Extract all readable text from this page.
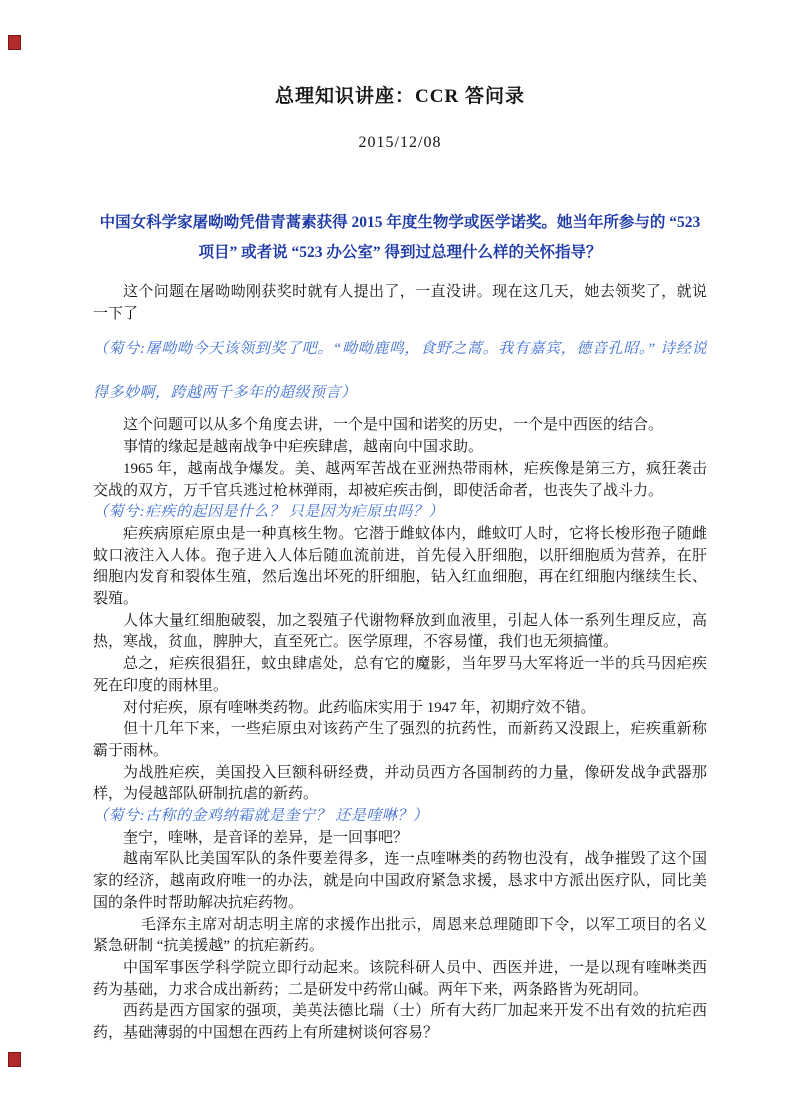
总理知识讲座：CCR 答问录
2015/12/08
中国女科学家屠呦呦凭借青蒿素获得 2015 年度生物学或医学诺奖。她当年所参与的 “523 项目” 或者说 “523 办公室” 得到过总理什么样的关怀指导？

这个问题在屠呦呦刚获奖时就有人提出了，一直没讲。现在这几天，她去领奖了，就说一下了

（菊兮:屠呦呦今天该领到奖了吧。“呦呦鹿鸣，食野之蒿。我有嘉宾，德音孔昭。” 诗经说得多妙啊，跨越两千多年的超级预言）

这个问题可以从多个角度去讲，一个是中国和诺奖的历史，一个是中西医的结合。

事情的缘起是越南战争中疟疾肆虐，越南向中国求助。

1965 年，越南战争爆发。美、越两军苦战在亚洲热带雨林，疟疾像是第三方，疯狂袭击交战的双方，万千官兵逃过枪林弹雨，却被疟疾击倒，即使活命者，也丧失了战斗力。

（菊兮:疟疾的起因是什么？ 只是因为疟原虫吗？）

疟疾病原疟原虫是一种真核生物。它潜于雌蚊体内，雌蚊叮人时，它将长梭形孢子随雌蚊口液注入人体。孢子进入人体后随血流前进，首先侵入肝细胞，以肝细胞质为营养，在肝细胞内发育和裂体生殖，然后逸出坏死的肝细胞，钻入红血细胞，再在红细胞内继续生长、裂殖。

人体大量红细胞破裂，加之裂殖子代谢物释放到血液里，引起人体一系列生理反应，高热，寒战，贫血，脾肿大，直至死亡。医学原理，不容易懂，我们也无须搞懂。

总之，疟疾很猖狂，蚊虫肆虐处，总有它的魔影，当年罗马大军将近一半的兵马因疟疾死在印度的雨林里。

对付疟疾，原有喹啉类药物。此药临床实用于 1947 年，初期疗效不错。

但十几年下来，一些疟原虫对该药产生了强烈的抗药性，而新药又没跟上，疟疾重新称霸于雨林。

为战胜疟疾，美国投入巨额科研经费，并动员西方各国制药的力量，像研发战争武器那样，为侵越部队研制抗虐的新药。

（菊兮:古称的金鸡纳霜就是奎宁？ 还是喹啉？）

奎宁，喹啉，是音译的差异，是一回事吧？

越南军队比美国军队的条件要差得多，连一点喹啉类的药物也没有，战争摧毁了这个国家的经济，越南政府唯一的办法，就是向中国政府紧急求援，恳求中方派出医疗队，同比美国的条件时帮助解决抗疟药物。

毛泽东主席对胡志明主席的求援作出批示，周恩来总理随即下令，以军工项目的名义紧急研制 “抗美援越” 的抗疟新药。

中国军事医学科学院立即行动起来。该院科研人员中、西医并进，一是以现有喹啉类西药为基础，力求合成出新药；二是研发中药常山碱。两年下来，两条路皆为死胡同。

西药是西方国家的强项，美英法德比瑞（士）所有大药厂加起来开发不出有效的抗疟西药，基础薄弱的中国想在西药上有所建树谈何容易？
